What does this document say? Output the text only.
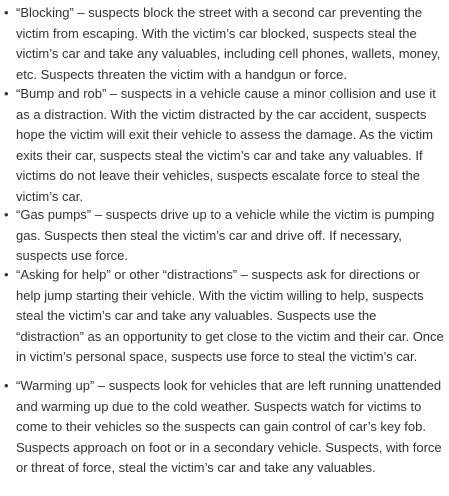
• “Blocking” – suspects block the street with a second car preventing the victim from escaping. With the victim’s car blocked, suspects steal the victim’s car and take any valuables, including cell phones, wallets, money, etc. Suspects threaten the victim with a handgun or force.
• “Bump and rob” – suspects in a vehicle cause a minor collision and use it as a distraction. With the victim distracted by the car accident, suspects hope the victim will exit their vehicle to assess the damage. As the victim exits their car, suspects steal the victim’s car and take any valuables. If victims do not leave their vehicles, suspects escalate force to steal the victim’s car.
• “Gas pumps” – suspects drive up to a vehicle while the victim is pumping gas. Suspects then steal the victim’s car and drive off. If necessary, suspects use force.
• “Asking for help” or other “distractions” – suspects ask for directions or help jump starting their vehicle. With the victim willing to help, suspects steal the victim’s car and take any valuables. Suspects use the “distraction” as an opportunity to get close to the victim and their car. Once in victim’s personal space, suspects use force to steal the victim’s car.
• “Warming up” – suspects look for vehicles that are left running unattended and warming up due to the cold weather. Suspects watch for victims to come to their vehicles so the suspects can gain control of car’s key fob. Suspects approach on foot or in a secondary vehicle. Suspects, with force or threat of force, steal the victim’s car and take any valuables.
